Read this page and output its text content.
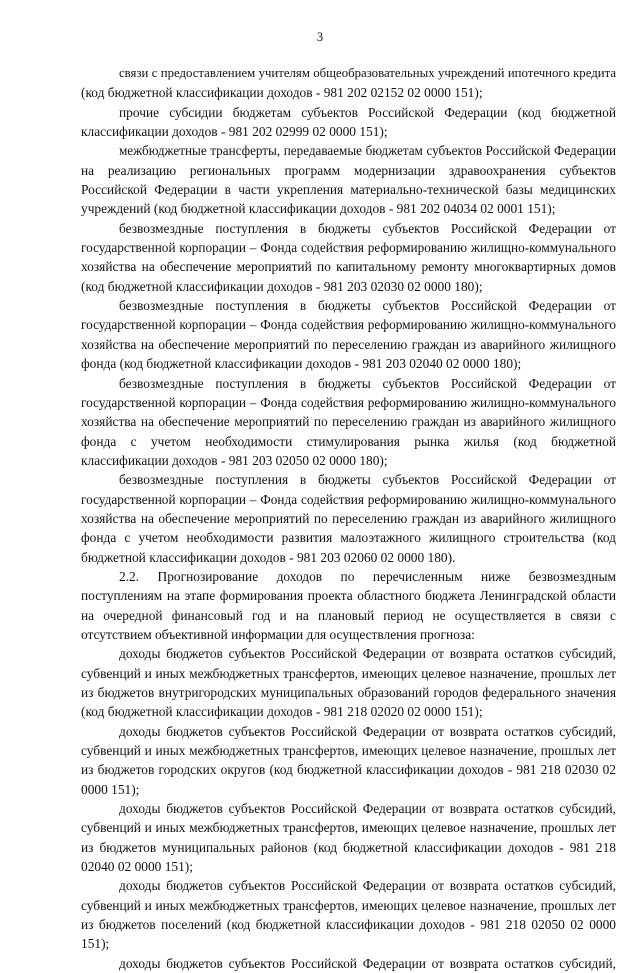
3
связи с предоставлением учителям общеобразовательных учреждений ипотечного кредита
(код бюджетной классификации доходов - 981 202 02152 02 0000 151);
прочие субсидии бюджетам субъектов Российской Федерации (код бюджетной
классификации доходов - 981 202 02999 02 0000 151);
межбюджетные трансферты, передаваемые бюджетам субъектов Российской Федерации
на реализацию региональных программ модернизации здравоохранения субъектов
Российской Федерации в части укрепления материально-технической базы медицинских
учреждений (код бюджетной классификации доходов - 981 202 04034 02 0001 151);
безвозмездные поступления в бюджеты субъектов Российской Федерации от
государственной корпорации – Фонда содействия реформированию жилищно-коммунального
хозяйства на обеспечение мероприятий по капитальному ремонту многоквартирных домов
(код бюджетной классификации доходов - 981 203 02030 02 0000 180);
безвозмездные поступления в бюджеты субъектов Российской Федерации от
государственной корпорации – Фонда содействия реформированию жилищно-коммунального
хозяйства на обеспечение мероприятий по переселению граждан из аварийного жилищного
фонда (код бюджетной классификации доходов - 981 203 02040 02 0000 180);
безвозмездные поступления в бюджеты субъектов Российской Федерации от
государственной корпорации – Фонда содействия реформированию жилищно-коммунального
хозяйства на обеспечение мероприятий по переселению граждан из аварийного жилищного
фонда с учетом необходимости стимулирования рынка жилья (код бюджетной
классификации доходов - 981 203 02050 02 0000 180);
безвозмездные поступления в бюджеты субъектов Российской Федерации от
государственной корпорации – Фонда содействия реформированию жилищно-коммунального
хозяйства на обеспечение мероприятий по переселению граждан из аварийного жилищного
фонда с учетом необходимости развития малоэтажного жилищного строительства (код
бюджетной классификации доходов - 981 203 02060 02 0000 180).
2.2. Прогнозирование доходов по перечисленным ниже безвозмездным
поступлениям на этапе формирования проекта областного бюджета Ленинградской области
на очередной финансовый год и на плановый период не осуществляется в связи с
отсутствием объективной информации для осуществления прогноза:
доходы бюджетов субъектов Российской Федерации от возврата остатков субсидий,
субвенций и иных межбюджетных трансфертов, имеющих целевое назначение, прошлых лет
из бюджетов внутригородских муниципальных образований городов федерального значения
(код бюджетной классификации доходов - 981 218 02020 02 0000 151);
доходы бюджетов субъектов Российской Федерации от возврата остатков субсидий,
субвенций и иных межбюджетных трансфертов, имеющих целевое назначение, прошлых лет
из бюджетов городских округов (код бюджетной классификации доходов - 981 218 02030 02
0000 151);
доходы бюджетов субъектов Российской Федерации от возврата остатков субсидий,
субвенций и иных межбюджетных трансфертов, имеющих целевое назначение, прошлых лет
из бюджетов муниципальных районов (код бюджетной классификации доходов - 981 218
02040 02 0000 151);
доходы бюджетов субъектов Российской Федерации от возврата остатков субсидий,
субвенций и иных межбюджетных трансфертов, имеющих целевое назначение, прошлых лет
из бюджетов поселений (код бюджетной классификации доходов - 981 218 02050 02 0000
151);
доходы бюджетов субъектов Российской Федерации от возврата остатков субсидий,
